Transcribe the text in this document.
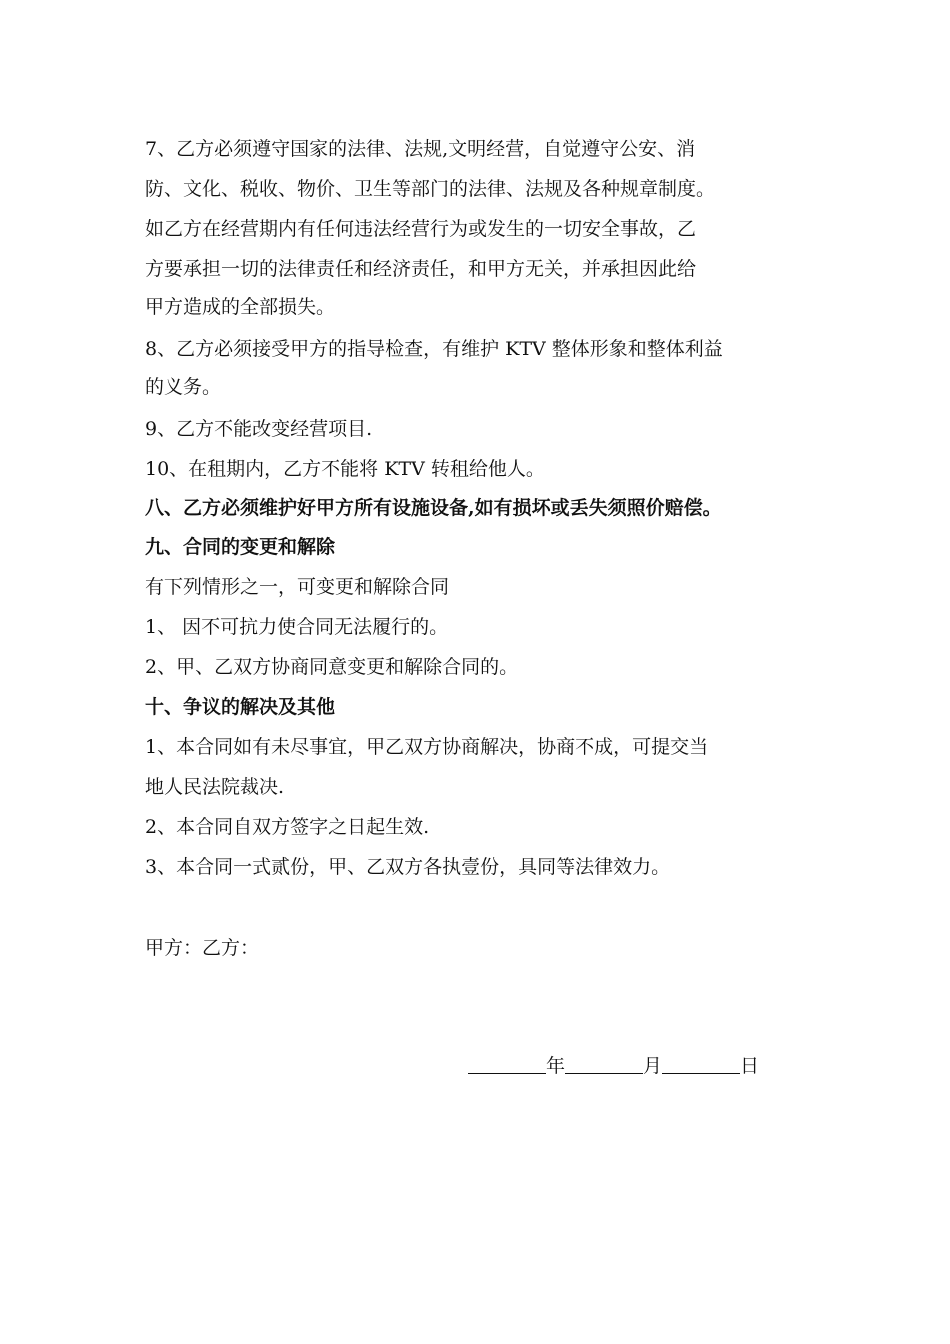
7、乙方必须遵守国家的法律、法规,文明经营，自觉遵守公安、消
防、文化、税收、物价、卫生等部门的法律、法规及各种规章制度。
如乙方在经营期内有任何违法经营行为或发生的一切安全事故，乙
方要承担一切的法律责任和经济责任，和甲方无关，并承担因此给
甲方造成的全部损失。
8、乙方必须接受甲方的指导检查，有维护 KTV 整体形象和整体利益
的义务。
9、乙方不能改变经营项目.
10、在租期内，乙方不能将 KTV 转租给他人。
八、乙方必须维护好甲方所有设施设备,如有损坏或丢失须照价赔偿。
九、合同的变更和解除
有下列情形之一，可变更和解除合同
1、 因不可抗力使合同无法履行的。
2、甲、乙双方协商同意变更和解除合同的。
十、争议的解决及其他
1、本合同如有未尽事宜，甲乙双方协商解决，协商不成，可提交当
地人民法院裁决.
2、本合同自双方签字之日起生效.
3、本合同一式贰份，甲、乙双方各执壹份，具同等法律效力。
甲方：乙方：
年	月	日
